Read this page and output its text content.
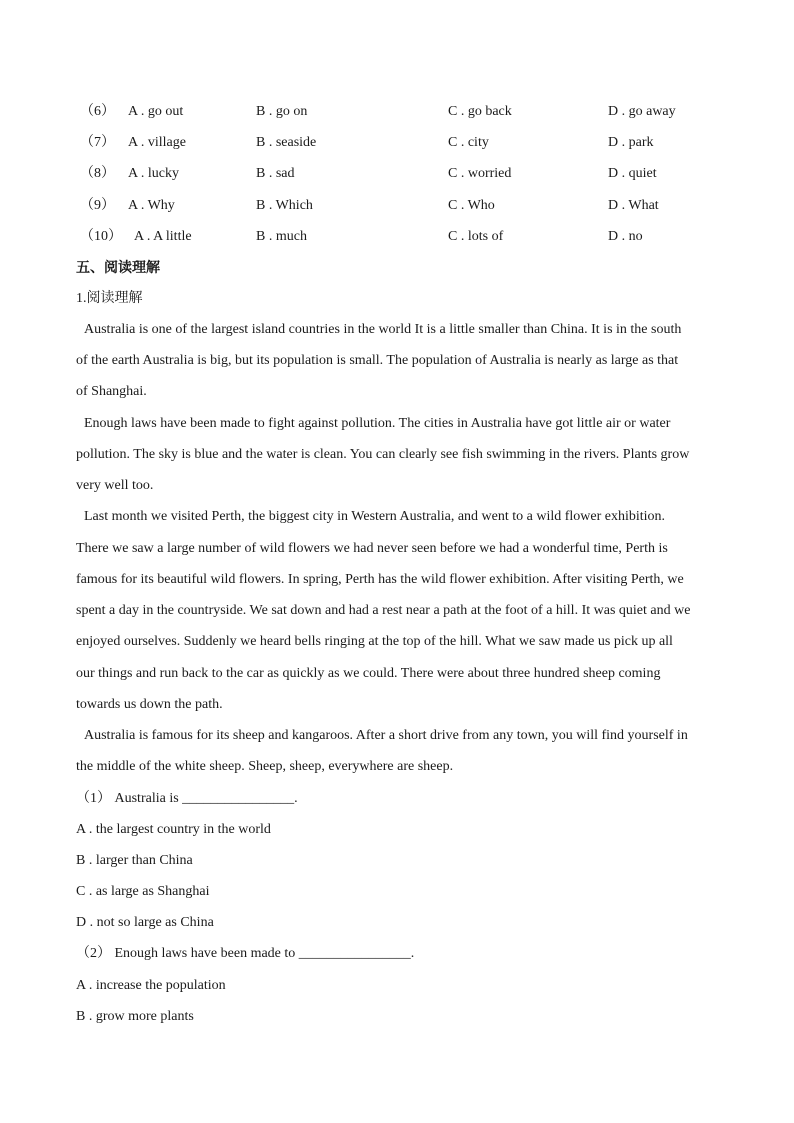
（6） A . go out	B . go on	C . go back	D . go away
（7） A . village	B . seaside	C . city	D . park
（8） A . lucky	B . sad	C . worried	D . quiet
（9） A . Why	B . Which	C . Who	D . What
（10） A . A little	B . much	C . lots of	D . no
五、阅读理解
1.阅读理解
Australia is one of the largest island countries in the world It is a little smaller than China. It is in the south
of the earth Australia is big, but its population is small. The population of Australia is nearly as large as that
of Shanghai.
Enough laws have been made to fight against pollution. The cities in Australia have got little air or water
pollution. The sky is blue and the water is clean. You can clearly see fish swimming in the rivers. Plants grow
very well too.
Last month we visited Perth, the biggest city in Western Australia, and went to a wild flower exhibition.
There we saw a large number of wild flowers we had never seen before we had a wonderful time, Perth is
famous for its beautiful wild flowers. In spring, Perth has the wild flower exhibition. After visiting Perth, we
spent a day in the countryside. We sat down and had a rest near a path at the foot of a hill. It was quiet and we
enjoyed ourselves. Suddenly we heard bells ringing at the top of the hill. What we saw made us pick up all
our things and run back to the car as quickly as we could. There were about three hundred sheep coming
towards us down the path.
Australia is famous for its sheep and kangaroos. After a short drive from any town, you will find yourself in
the middle of the white sheep. Sheep, sheep, everywhere are sheep.
（1） Australia is ________________.
A . the largest country in the world
B . larger than China
C . as large as Shanghai
D . not so large as China
（2） Enough laws have been made to ________________.
A . increase the population
B . grow more plants
